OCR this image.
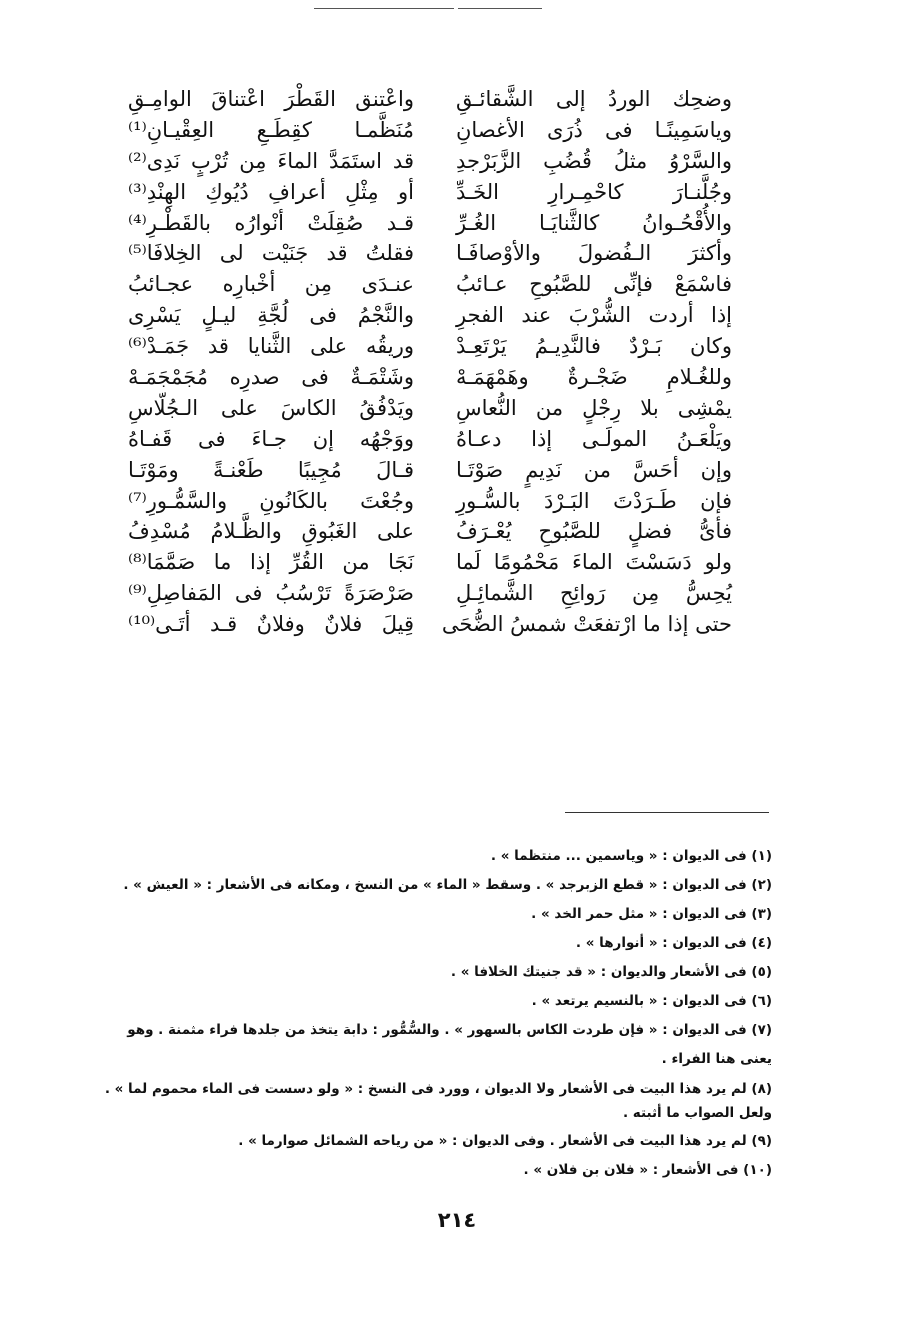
وضحِك الوردُ إلى الشَّقائـقِ
وياسَمِينًـا فى ذُرَى الأغصانِ
والسَّرْوُ مثلُ قُضُبِ الزَّبَرْجدِ
وجُلَّنـارَ كاحْمِـرارِ الخَـدِّ
والأُقْحُـوانُ كالثَّنايَـا الغُـرِّ
وأكثرَ الـفُضولَ والأوْصافَـا
فاسْمَعْ فإنِّى للصَّبُوحِ عـائبُ
إذا أردت الشُّرْبَ عند الفجرِ
وكان بَـرْدٌ فالنَّدِيـمُ يَرْتَعِـدْ
وللغُـلامِ ضَجْـرةٌ وهَمْهَمَـهْ
يمْشِى بلا رِجْلٍ من النُّعاسِ
ويَلْعَـنُ المولَـى إذا دعـاهُ
وإن أحَسَّ من نَدِيمٍ صَوْتَـا
فإن طَـرَدْتَ البَـرْدَ بالسُّـورِ
فأىُّ فضلٍ للصَّبُوحِ يُعْـرَفُ
ولو دَسَسْتَ الماءَ مَحْمُومًا لَما
يُحِسُّ مِن رَوائِحِ الشَّمائِـلِ
حتى إذا ما ارْتفعَتْ شمسُ الضُّحَى
واعْتنق القَطْرَ اعْتناقَ الوامِـقِ
مُنَظَّمـا كقِطَـعِ العِقْيـانِ⁽¹⁾
قد استَمَدَّ الماءَ مِن تُرْبٍ نَدِى⁽²⁾
أو مِثْلِ أعرافِ دُيُوكِ الهِنْدِ⁽³⁾
قـد صُقِلَتْ أنْوارُه بالقَطْـرِ⁽⁴⁾
فقلتُ قد جَنَيْت لى الخِلافَا⁽⁵⁾
عنـدَى مِن أخْبارِه عجـائبُ
والنَّجْمُ فى لُجَّةِ ليـلٍ يَسْرِى
وريقُه على الثَّنايا قد جَمَـدْ⁽⁶⁾
وشَتْمَـةٌ فى صدرِه مُجَمْجَمَـهْ
ويَدْفُقُ الكاسَ على الـجُلّاسِ
ووَجْهُه إن جـاءَ فى قَفـاهُ
قـالَ مُجِيبًا طَعْنـةً ومَوْتَـا
وجُعْتَ بالكَانُونِ والسَّمُّـورِ⁽⁷⁾
على الغَبُوقِ والظَّـلامُ مُسْدِفُ
نَجَا من القُرِّ إذا ما صَمَّمَا⁽⁸⁾
صَرْصَرَةً تَرْسُبُ فى المَفاصِلِ⁽⁹⁾
قِيلَ فلانٌ وفلانٌ قـد أتَـى⁽¹⁰⁾
(١) فى الديوان : « وياسمين ... منتظما » .
(٢) فى الديوان : « قطع الزبرجد » . وسقط « الماء » من النسخ ، ومكانه فى الأشعار : « العيش » .
(٣) فى الديوان : « مثل حمر الخد » .
(٤) فى الديوان : « أنوارها » .
(٥) فى الأشعار والديوان : « قد جنيتك الخلافا » .
(٦) فى الديوان : « بالنسيم يرتعد » .
(٧) فى الديوان : « فإن طردت الكاس بالسهور » . والسُّمُّور : دابة يتخذ من جلدها فراء مثمنة . وهو يعنى هنا الفراء .
(٨) لم يرد هذا البيت فى الأشعار ولا الديوان ، وورد فى النسخ : « ولو دسست فى الماء محموم لما » . ولعل الصواب ما أثبته .
(٩) لم يرد هذا البيت فى الأشعار . وفى الديوان : « من رياحه الشمائل صوارما » .
(١٠) فى الأشعار : « فلان بن فلان » .
٢١٤
